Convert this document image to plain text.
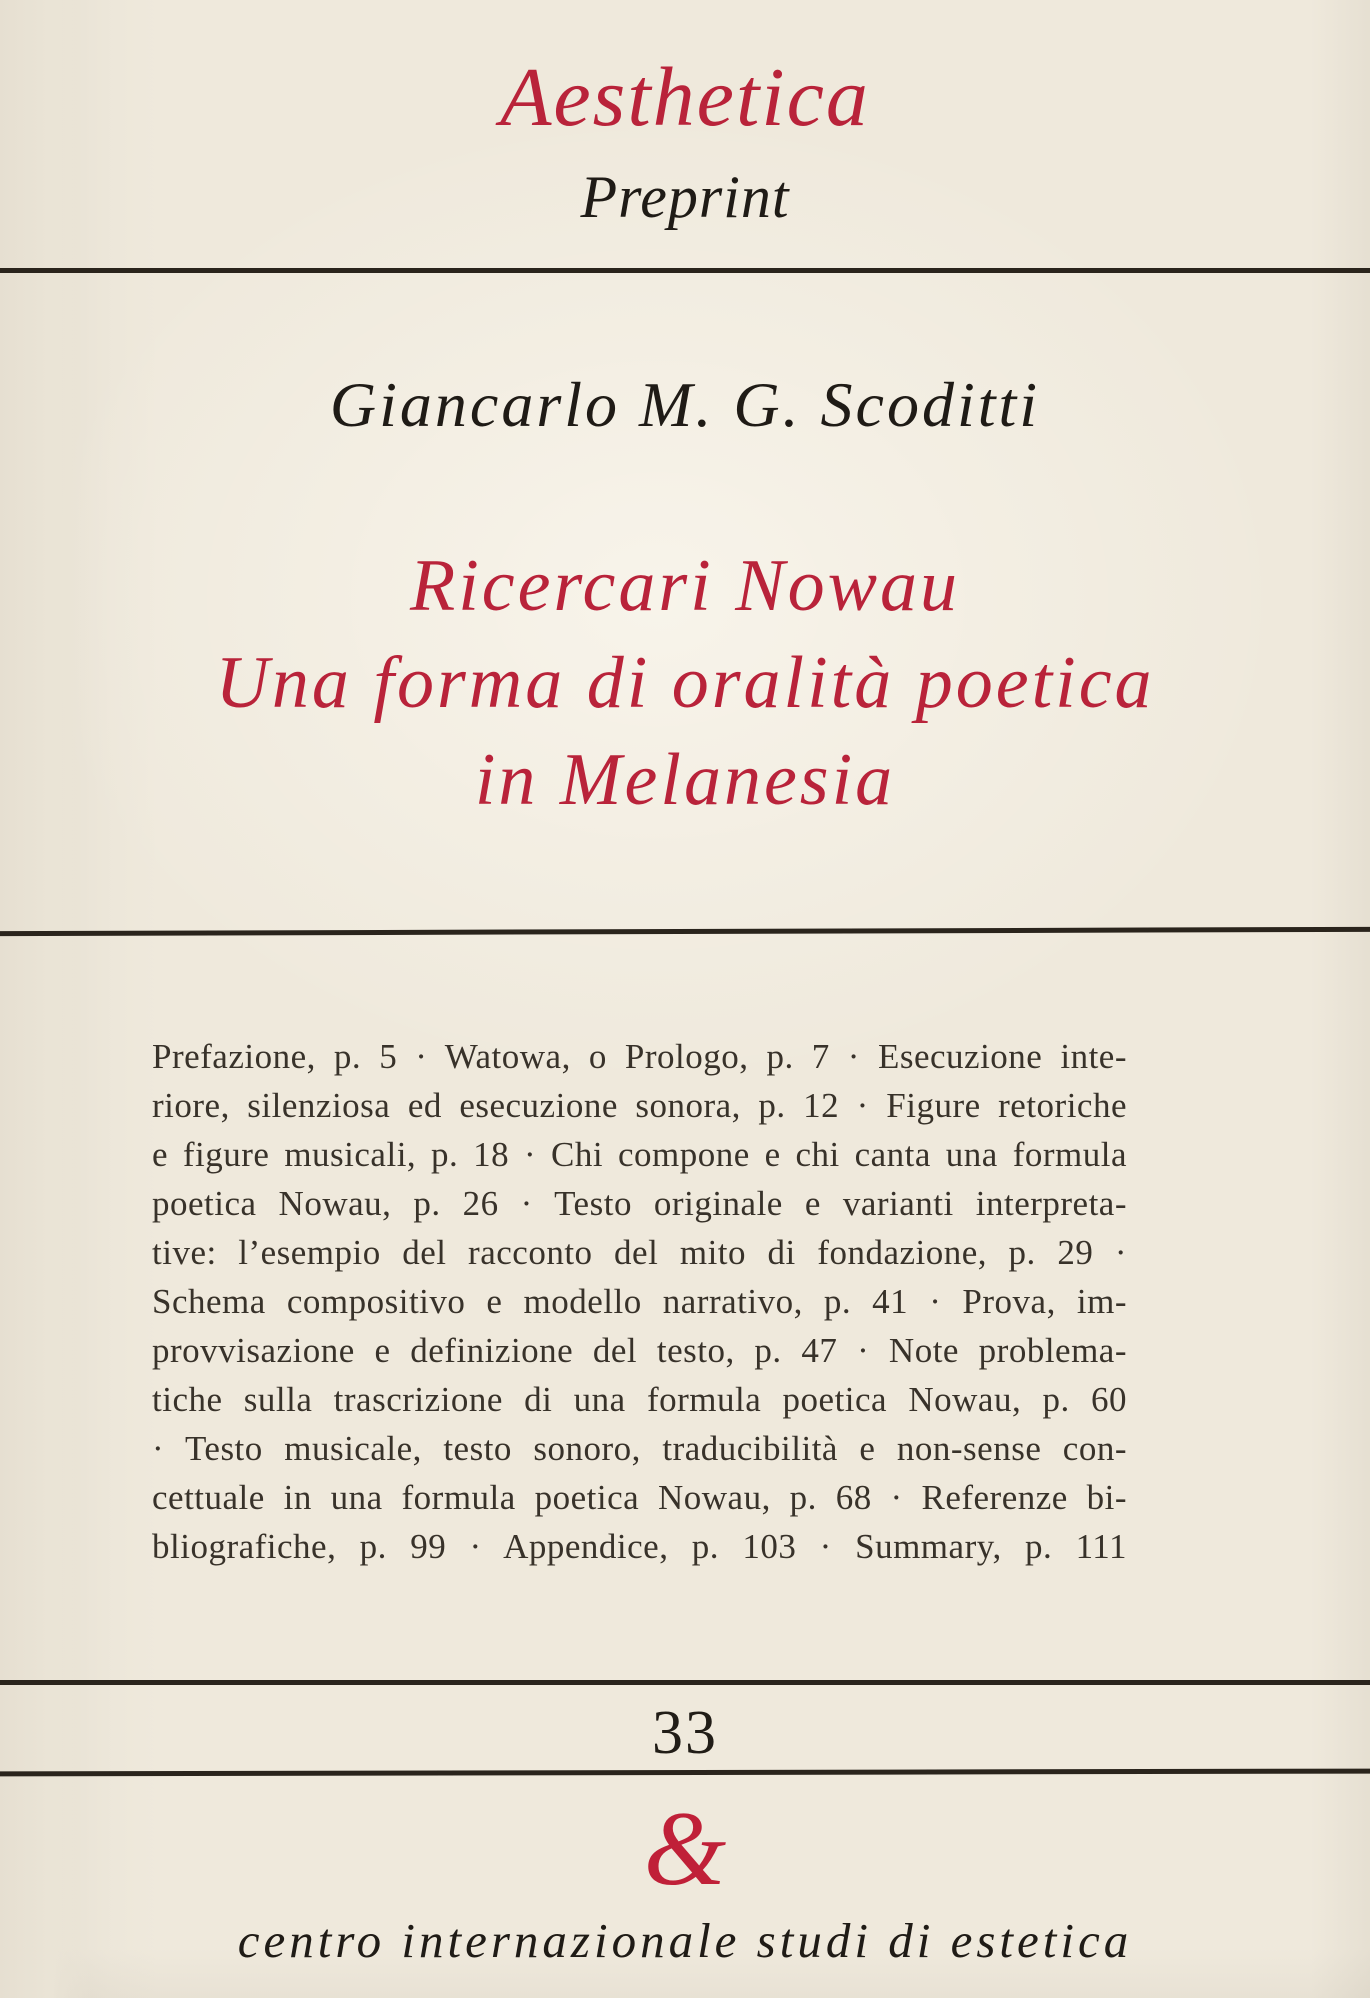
Aesthetica
Preprint
Giancarlo M. G. Scoditti
Ricercari Nowau
Una forma di oralità poetica
in Melanesia
Prefazione, p. 5 · Watowa, o Prologo, p. 7 · Esecuzione inte-
riore, silenziosa ed esecuzione sonora, p. 12 · Figure retoriche
e figure musicali, p. 18 · Chi compone e chi canta una formula
poetica Nowau, p. 26 · Testo originale e varianti interpreta-
tive: l’esempio del racconto del mito di fondazione, p. 29 ·
Schema compositivo e modello narrativo, p. 41 · Prova, im-
provvisazione e definizione del testo, p. 47 · Note problema-
tiche sulla trascrizione di una formula poetica Nowau, p. 60
· Testo musicale, testo sonoro, traducibilità e non-sense con-
cettuale in una formula poetica Nowau, p. 68 · Referenze bi-
bliografiche, p. 99 · Appendice, p. 103 · Summary, p. 111
33
&
centro internazionale studi di estetica
